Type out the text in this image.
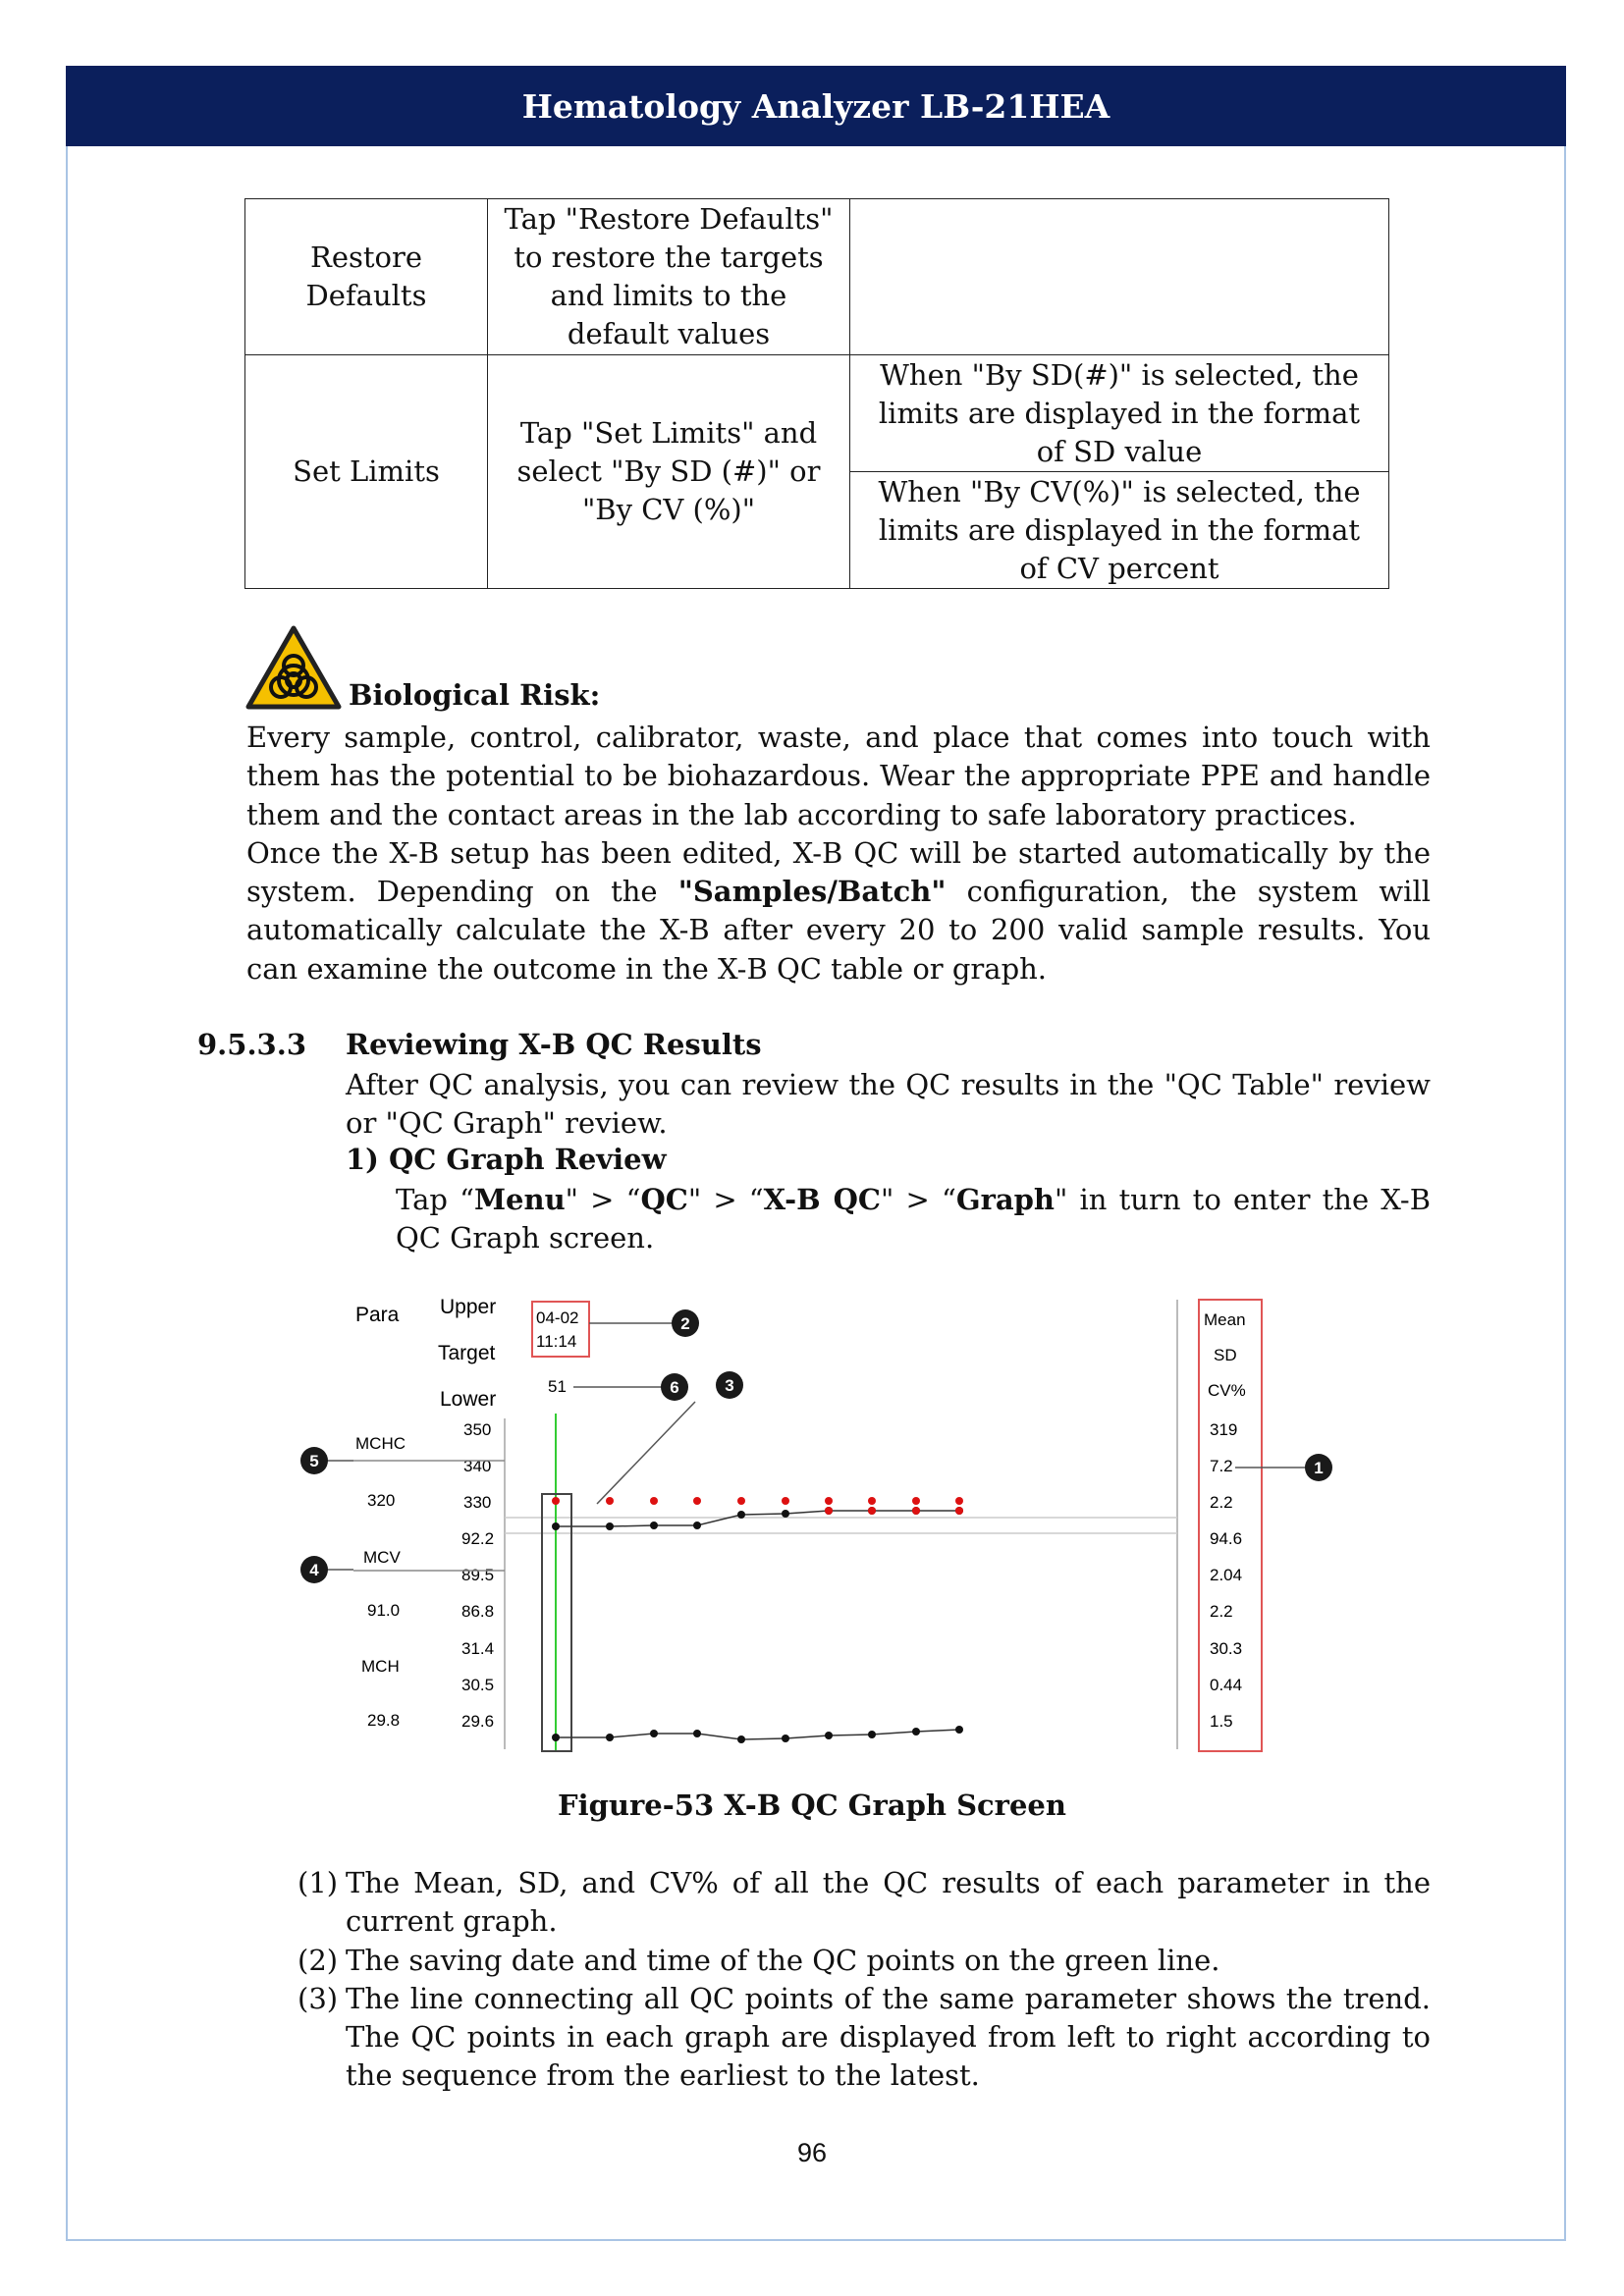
Hematology Analyzer LB-21HEA
Restore Defaults	Tap "Restore Defaults" to restore the targets and limits to the default values	
Set Limits	Tap "Set Limits" and select "By SD (#)" or "By CV (%)"	When "By SD(#)" is selected, the limits are displayed in the format of SD value
		When "By CV(%)" is selected, the limits are displayed in the format of CV percent
Biological Risk:

Every sample, control, calibrator, waste, and place that comes into touch with them has the potential to be biohazardous. Wear the appropriate PPE and handle them and the contact areas in the lab according to safe laboratory practices.

Once the X-B setup has been edited, X-B QC will be started automatically by the system. Depending on the "Samples/Batch" configuration, the system will automatically calculate the X-B after every 20 to 200 valid sample results. You can examine the outcome in the X-B QC table or graph.

9.5.3.3 Reviewing X-B QC Results
After QC analysis, you can review the QC results in the "QC Table" review or "QC Graph" review.
1) QC Graph Review
Tap “Menu" > “QC" > “X-B QC" > “Graph" in turn to enter the X-B QC Graph screen.
Para Upper
Target
Lower
04-02
11:14
51
MCHC
320
MCV
91.0
MCH
29.8
350
340
330
92.2
89.5
86.8
31.4
30.5
29.6
Mean
SD
CV%
319
7.2
2.2
94.6
2.04
2.2
30.3
0.44
1.5
1
2
3
4
5
6
Figure-53 X-B QC Graph Screen
(1) The Mean, SD, and CV% of all the QC results of each parameter in the current graph.
(2) The saving date and time of the QC points on the green line.
(3) The line connecting all QC points of the same parameter shows the trend. The QC points in each graph are displayed from left to right according to the sequence from the earliest to the latest.
96
